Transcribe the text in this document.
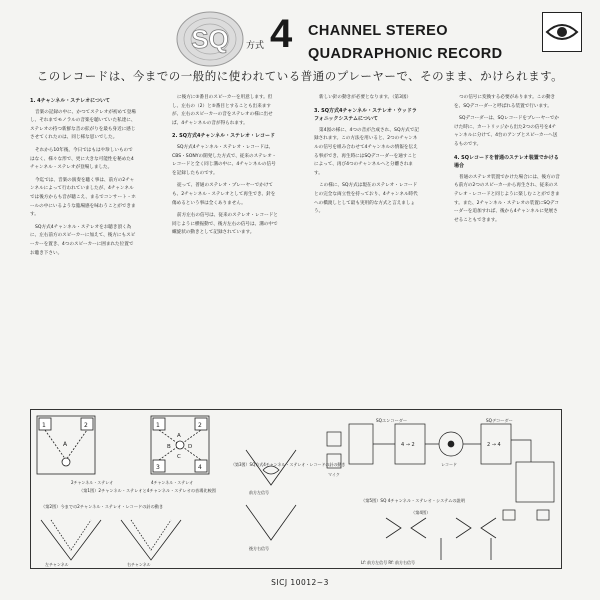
SQ 方式 4 CHANNEL STEREO
QUADRAPHONIC RECORD
このレコードは、今までの一般的に使われている普通のプレーヤーで、そのまま、かけられます。
1. 4チャンネル・ステレオについて

音楽の記録の中に、かつてステレオが初めて登場し、それまでモノラルの音楽を聴いていた私達に、ステレオの持つ新鮮な音の拡がりを最も身近に感じさせてくれたのは、同じ様な思いでした。

それから10年後、今日ではもはや珍しいものではなく、様々な形で、更に大きな可能性を秘めた4チャンネル・ステレオが登場しました。

今迄では、音楽の演奏を聴く事は、前方の2チャンネルによって行われていましたが、4チャンネルでは後方からも音が聴こえ、まるでコンサート・ホールの中にいるような臨場感を味わうことができます。

SQ方式4チャンネル・ステレオをお聴き頂く為に、左右前方のスピーカーに加えて、後方にもスピーカーを置き、4つのスピーカーに囲まれた位置でお聴き下さい。

に後方に⑤番目のスピーカーを用意します。但し、左右の（2）と⑤番目とすることも出来ますが、左右のスピーカーの音をステレオの様に出せば、4チャンネルの音が得られます。

2. SQ方式4チャンネル・ステレオ・レコード

SQ方式4チャンネル・ステレオ・レコードは、CBS・SONYの開発した方式で、従来のステレオ・レコードと全く同じ溝の中に、4チャンネルの信号を記録したものです。

従って、普通のステレオ・プレーヤーでかけても、2チャンネル・ステレオとして再生でき、針を傷めるという事は全くありません。

前方左右の信号は、従来のステレオ・レコードと同じように横振動で、後方左右の信号は、溝の中で螺旋状の動きとして記録されています。

新しい針の動きが必要となります。（第3図）

3. SQ方式4チャンネル・ステレオ・ウッドラフォニックシステムについて

第4図の様に、4つの音が合成され、SQ方式で記録されます。この方法を用いると、2つのチャンネルの信号を組み合わせて4チャンネルの情報を伝える事ができ、再生時にはSQデコーダーを通すことによって、再び4つのチャンネルへと分離されます。

この様に、SQ方式は現在のステレオ・レコードとの完全な両立性を持っており、4チャンネル時代への橋渡しとして最も実用的な方式と言えましょう。

つの信号に変換する必要があります。この動きを、SQデコーダーと呼ばれる装置で行います。

SQデコーダーは、SQレコードをプレーヤーでかけた時に、カートリッジから出た2つの信号を4チャンネルに分けて、4台のアンプとスピーカーへ送るものです。

4. SQレコードを普通のステレオ装置でかける場合

普通のステレオ装置でかけた場合には、後方の音も前方の2つのスピーカーから再生され、従来のステレオ・レコードと同じように楽しむことができます。また、2チャンネル・ステレオの装置にSQデコーダーを追加すれば、後から4チャンネルに発展させることもできます。

1	2
A
1	2
3	4
A
B
C
D
2チャンネル・ステレオ	4チャンネル・ステレオ
（第1図）2チャンネル・ステレオと4チャンネル・ステレオの音場比較図
（第2図）今までの2チャンネル・ステレオ・レコードの針の動き
左チャンネル	右チャンネル
（第3図）SQ方式4チャンネル・ステレオ・レコードの針の動き
前方左信号
後方右信号
SQエンコーダー	SQデコーダー
4 → 2	2 → 4
レコード
マイク
（第5図）SQ 4チャンネル・ステレオ・システムの説明
（第4図）
Lf: 前方左信号 Rf: 前方右信号
SICJ 10012~3
